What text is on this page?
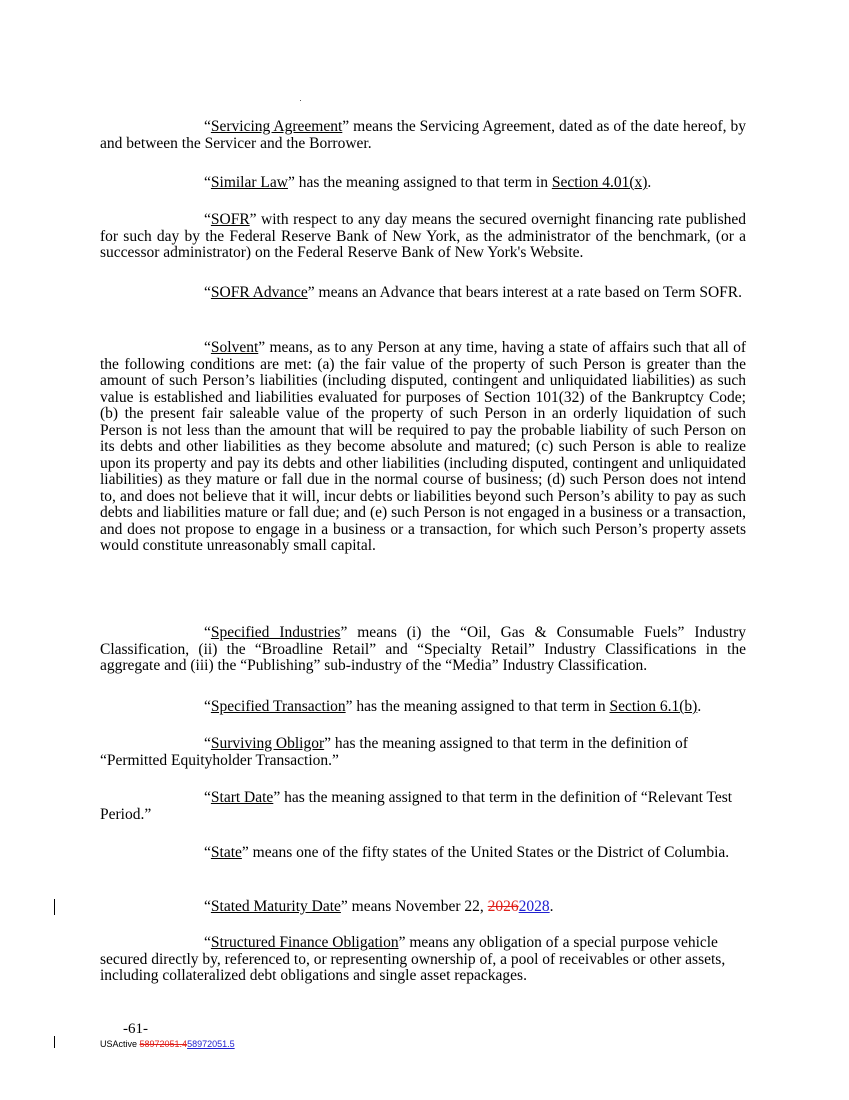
“Servicing Agreement” means the Servicing Agreement, dated as of the date hereof, by and between the Servicer and the Borrower.

“Similar Law” has the meaning assigned to that term in Section 4.01(x).

“SOFR” with respect to any day means the secured overnight financing rate published for such day by the Federal Reserve Bank of New York, as the administrator of the benchmark, (or a successor administrator) on the Federal Reserve Bank of New York's Website.

“SOFR Advance” means an Advance that bears interest at a rate based on Term SOFR.

“Solvent” means, as to any Person at any time, having a state of affairs such that all of the following conditions are met: (a) the fair value of the property of such Person is greater than the amount of such Person’s liabilities (including disputed, contingent and unliquidated liabilities) as such value is established and liabilities evaluated for purposes of Section 101(32) of the Bankruptcy Code; (b) the present fair saleable value of the property of such Person in an orderly liquidation of such Person is not less than the amount that will be required to pay the probable liability of such Person on its debts and other liabilities as they become absolute and matured; (c) such Person is able to realize upon its property and pay its debts and other liabilities (including disputed, contingent and unliquidated liabilities) as they mature or fall due in the normal course of business; (d) such Person does not intend to, and does not believe that it will, incur debts or liabilities beyond such Person’s ability to pay as such debts and liabilities mature or fall due; and (e) such Person is not engaged in a business or a transaction, and does not propose to engage in a business or a transaction, for which such Person’s property assets would constitute unreasonably small capital.

“Specified Industries” means (i) the “Oil, Gas & Consumable Fuels” Industry Classification, (ii) the “Broadline Retail” and “Specialty Retail” Industry Classifications in the aggregate and (iii) the “Publishing” sub-industry of the “Media” Industry Classification.

“Specified Transaction” has the meaning assigned to that term in Section 6.1(b).

“Surviving Obligor” has the meaning assigned to that term in the definition of “Permitted Equityholder Transaction.”

“Start Date” has the meaning assigned to that term in the definition of “Relevant Test Period.”

“State” means one of the fifty states of the United States or the District of Columbia.

“Stated Maturity Date” means November 22, 20262028.

“Structured Finance Obligation” means any obligation of a special purpose vehicle secured directly by, referenced to, or representing ownership of, a pool of receivables or other assets, including collateralized debt obligations and single asset repackages.

-61-
USActive 58972051.458972051.5
